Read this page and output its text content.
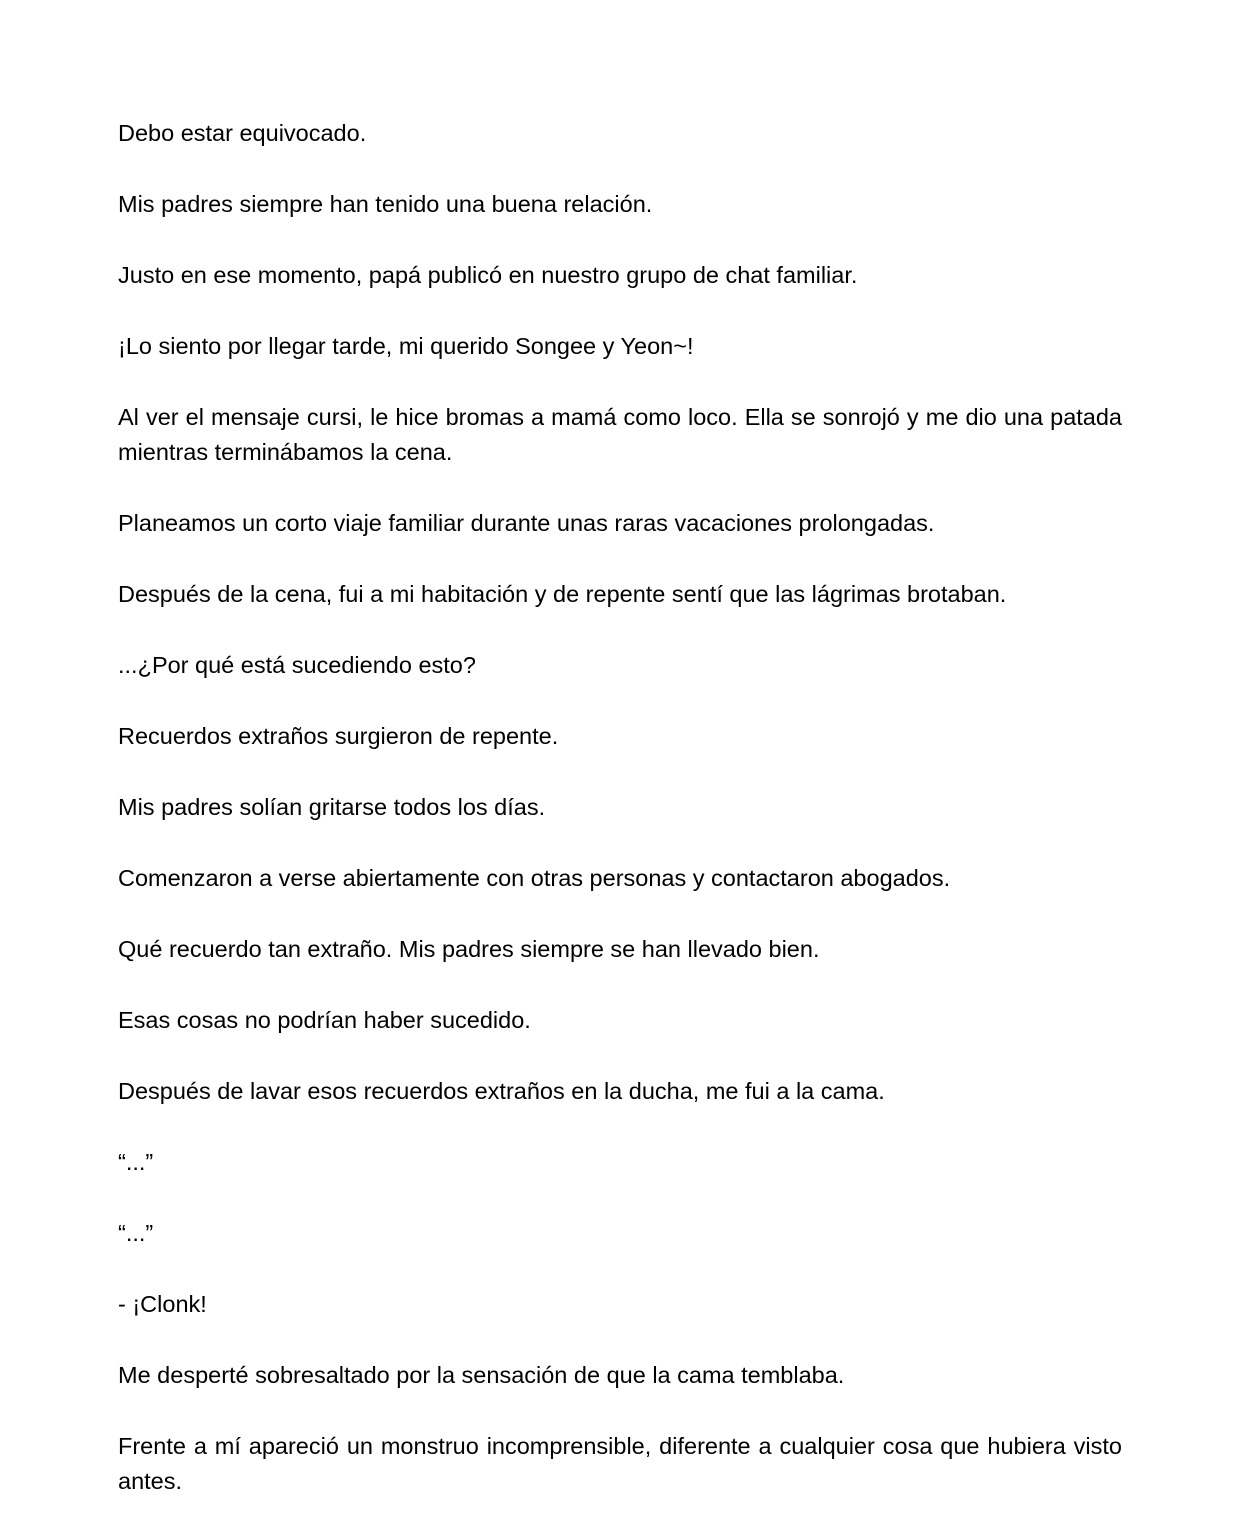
Debo estar equivocado.

Mis padres siempre han tenido una buena relación.

Justo en ese momento, papá publicó en nuestro grupo de chat familiar.

¡Lo siento por llegar tarde, mi querido Songee y Yeon~!

Al ver el mensaje cursi, le hice bromas a mamá como loco. Ella se sonrojó y me dio una patada mientras terminábamos la cena.

Planeamos un corto viaje familiar durante unas raras vacaciones prolongadas.

Después de la cena, fui a mi habitación y de repente sentí que las lágrimas brotaban.

...¿Por qué está sucediendo esto?

Recuerdos extraños surgieron de repente.

Mis padres solían gritarse todos los días.

Comenzaron a verse abiertamente con otras personas y contactaron abogados.

Qué recuerdo tan extraño. Mis padres siempre se han llevado bien.

Esas cosas no podrían haber sucedido.

Después de lavar esos recuerdos extraños en la ducha, me fui a la cama.

“...”

“...”

- ¡Clonk!

Me desperté sobresaltado por la sensación de que la cama temblaba.

Frente a mí apareció un monstruo incomprensible, diferente a cualquier cosa que hubiera visto antes.
